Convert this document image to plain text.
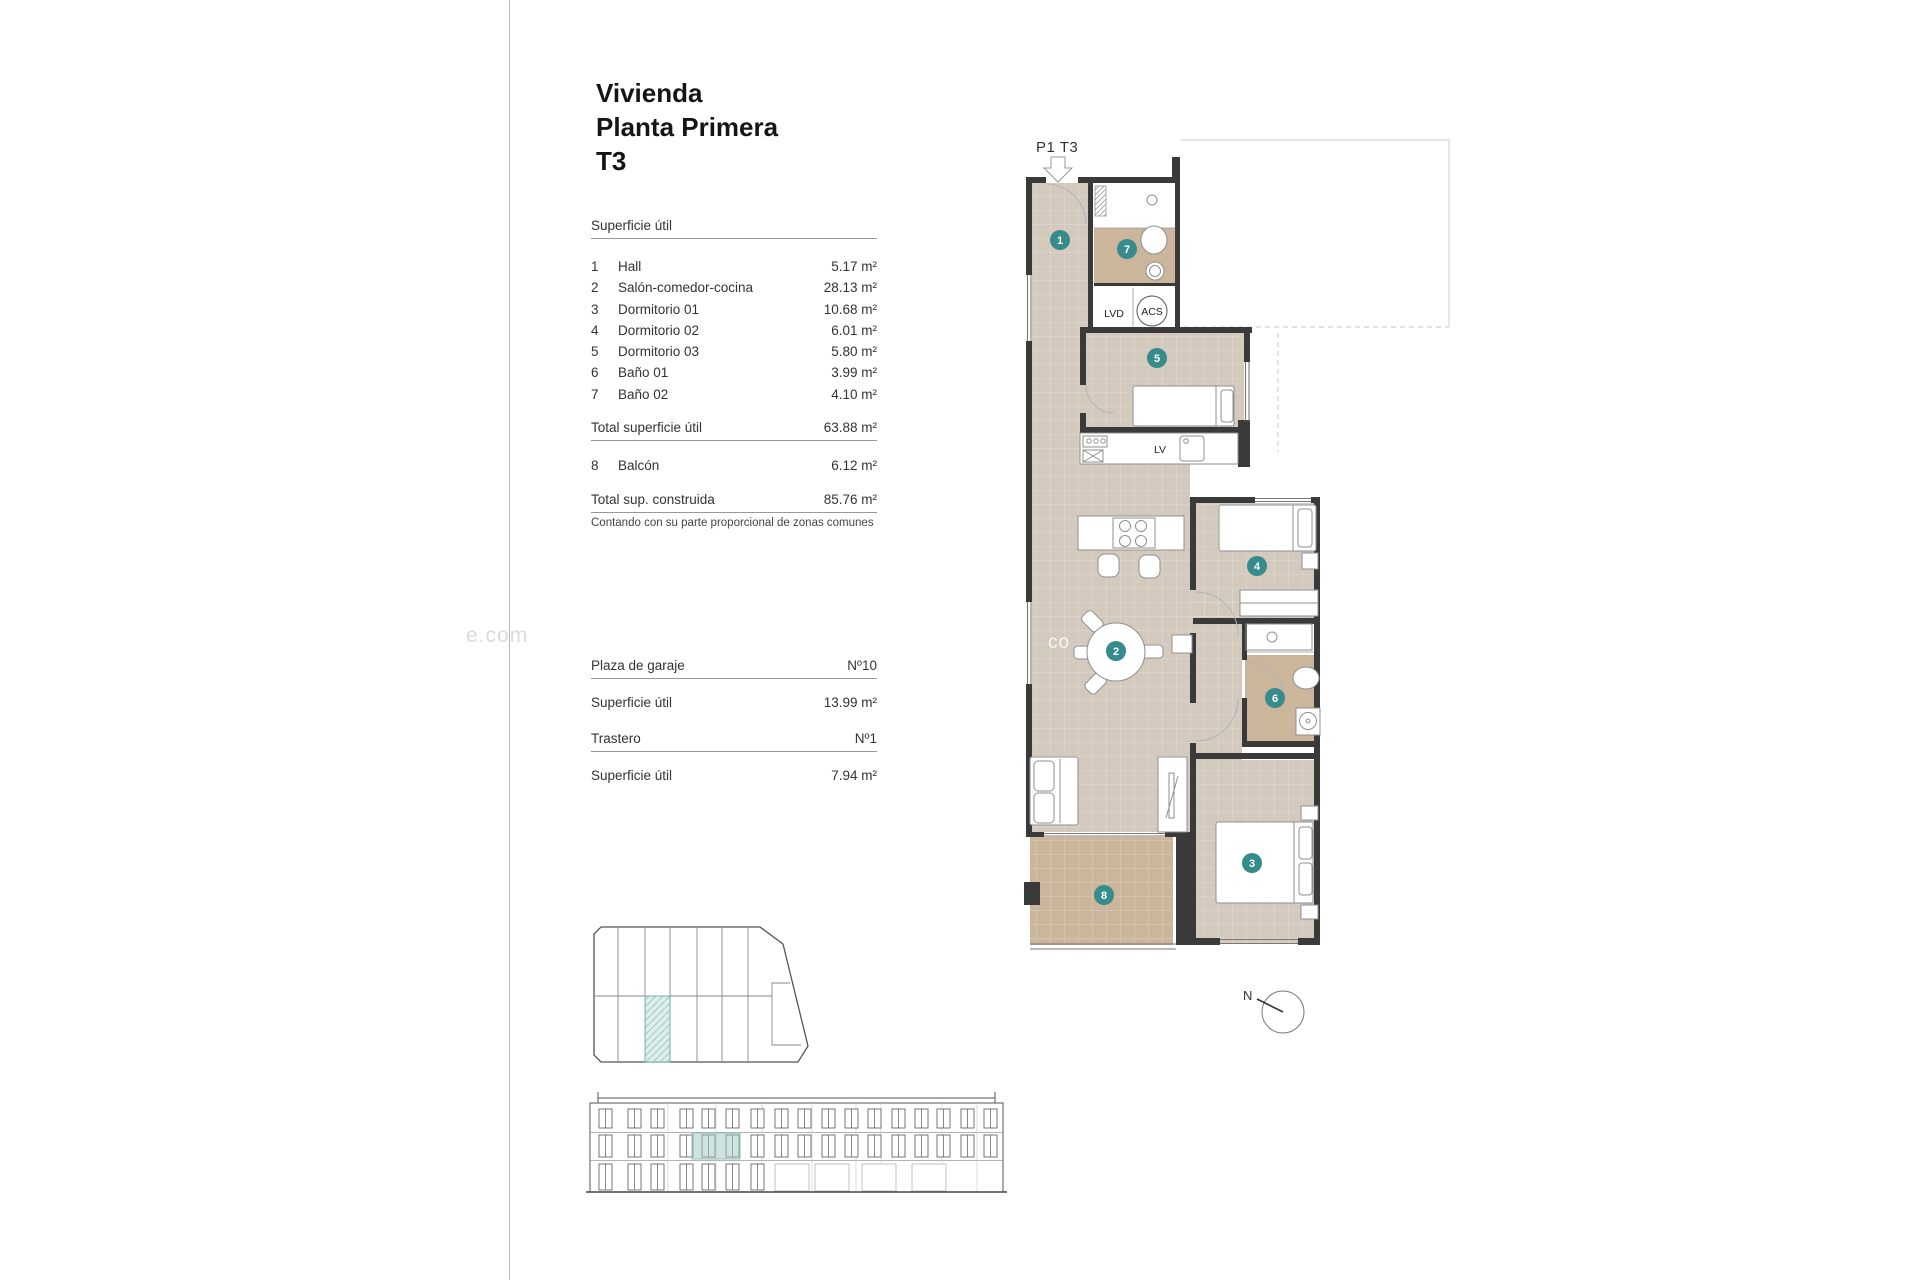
Vivienda
Planta Primera
T3
Superficie útil
1	Hall	5.17 m²
2	Salón-comedor-cocina	28.13 m²
3	Dormitorio 01	10.68 m²
4	Dormitorio 02	6.01 m²
5	Dormitorio 03	5.80 m²
6	Baño 01	3.99 m²
7	Baño 02	4.10 m²
Total superficie útil	63.88 m²
8	Balcón	6.12 m²
Total sup. construida	85.76 m²
Contando con su parte proporcional de zonas comunes
Plaza de garaje	Nº10
Superficie útil	13.99 m²
Trastero	Nº1
Superficie útil	7.94 m²
P1 T3
LVD ACS
LV
1
2
3
4
5
6
7
8
N
e.com	co
